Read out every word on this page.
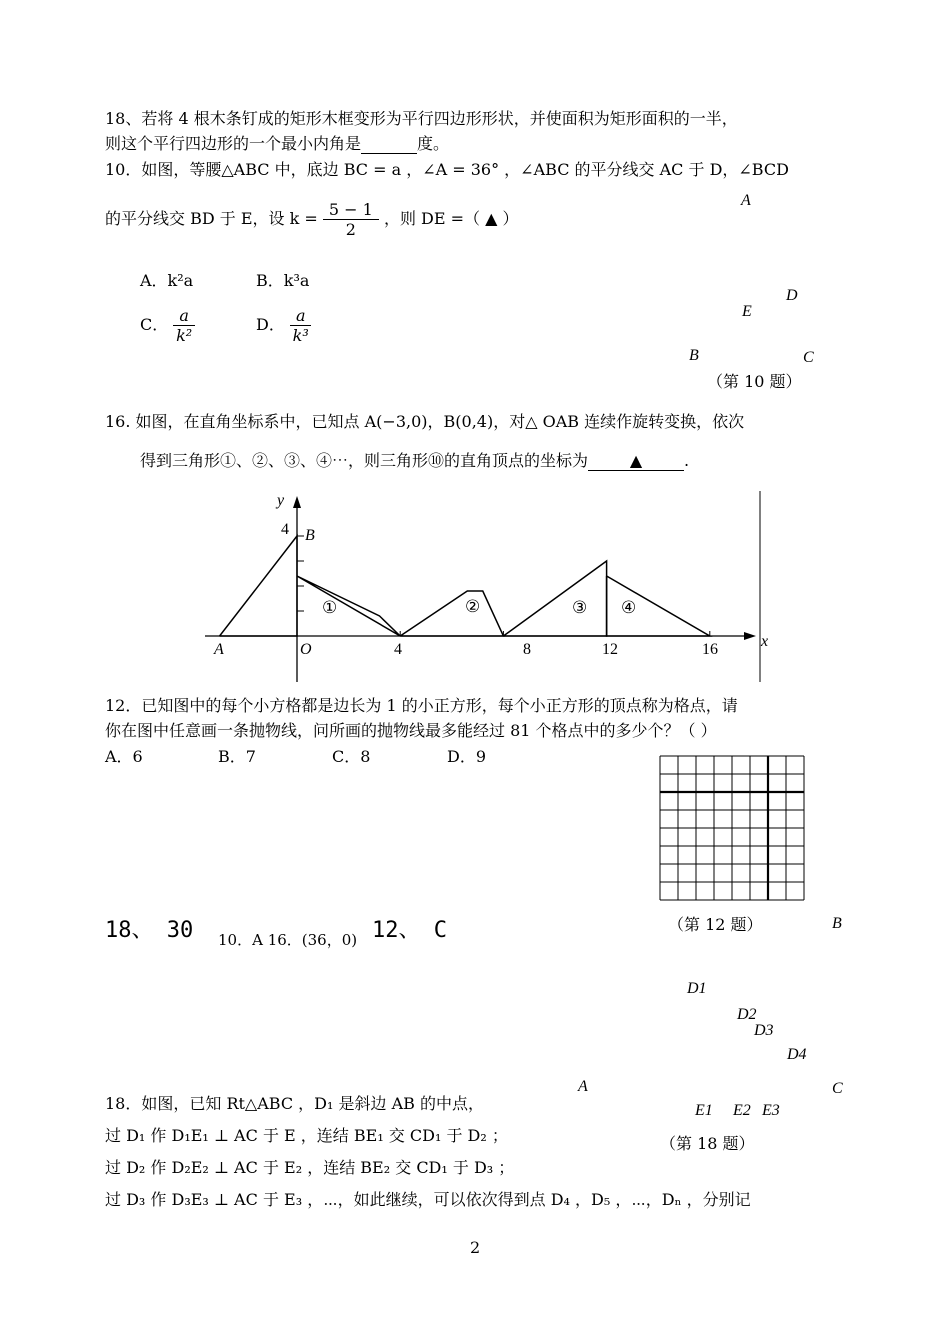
18、若将 4 根木条钉成的矩形木框变形为平行四边形形状，并使面积为矩形面积的一半，
则这个平行四边形的一个最小内角是	度。
10．如图，等腰△ABC 中，底边 BC = a ，∠A = 36° ，∠ABC 的平分线交 AC 于 D，∠BCD
的平分线交 BD 于 E，设 $k = \frac{5 - 1}{2}$ ，则 DE =（ ▲ ）
A．k²a	B．k³a
C． $\frac{a}{\text{k²}}$	D． $\frac{a}{\text{k³}}$
A
D
E
B	C
（第 10 题）
16. 如图，在直角坐标系中，已知点 A(−3,0)，B(0,4)，对△ OAB 连续作旋转变换，依次
得到三角形①、②、③、④⋯，则三角形⑩的直角顶点的坐标为	▲	.
y
x
O
A
B
4
4	8	12	16
①	②	③ ④
12．已知图中的每个小方格都是边长为 1 的小正方形，每个小正方形的顶点称为格点，请
你在图中任意画一条抛物线，问所画的抛物线最多能经过 81 个格点中的多少个？（ ）
A．6	B．7	C．8	D．9
（第 12 题）
18、 30 10．A 16．(36，0) 12、 C	B
D1
D2
D3
D4
A	C
E1 E2 E3
（第 18 题）
18．如图，已知 Rt△ABC ，D₁ 是斜边 AB 的中点，
过 D₁ 作 D₁E₁ ⊥ AC 于 E ，连结 BE₁ 交 CD₁ 于 D₂ ；
过 D₂ 作 D₂E₂ ⊥ AC 于 E₂ ，连结 BE₂ 交 CD₁ 于 D₃ ；
过 D₃ 作 D₃E₃ ⊥ AC 于 E₃ ，⋯，如此继续，可以依次得到点 D₄ ，D₅ ，⋯，Dₙ ，分别记
2
